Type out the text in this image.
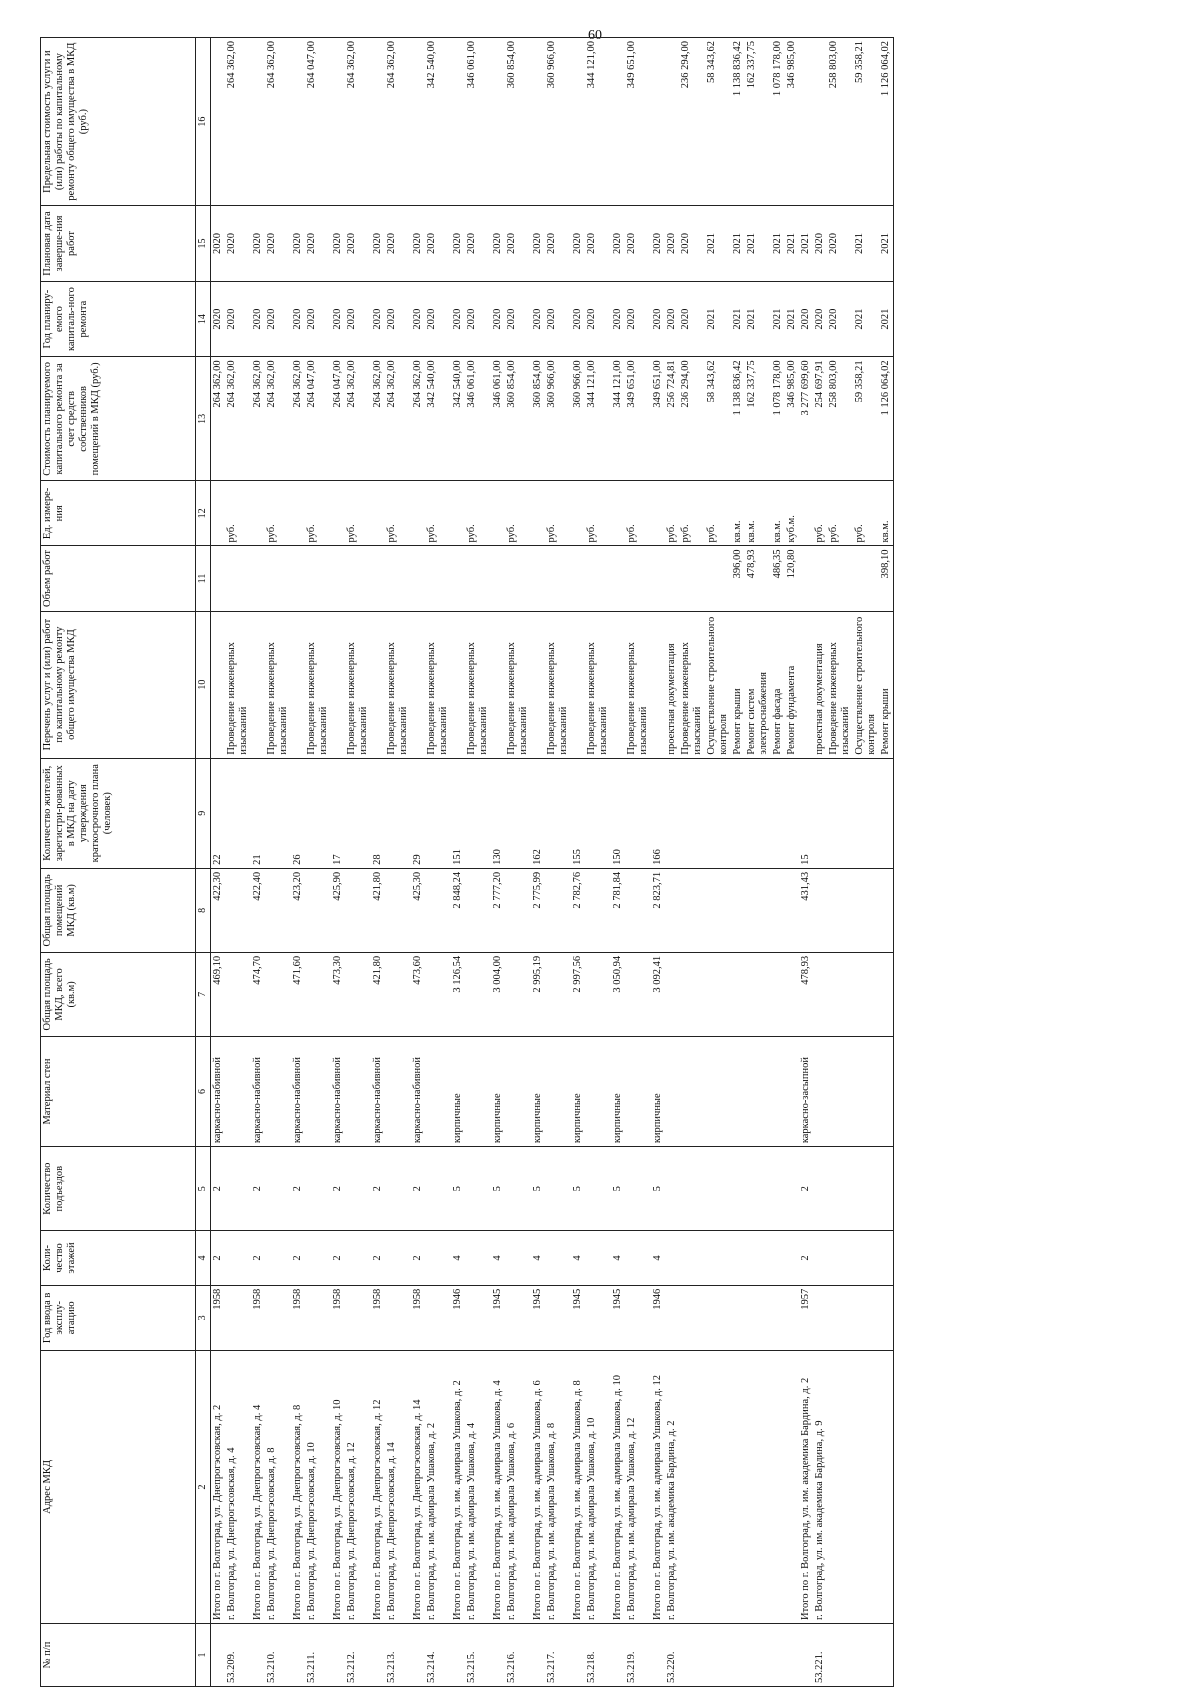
60
№ п/п	Адрес МКД	Год ввода в эксплу-атацию	Коли-чество этажей	Количество подъездов	Материал стен	Общая площадь МКД, всего (кв.м)	Общая площадь помещений МКД (кв.м)	Количество жителей, зарегистри-рованных в МКД на дату утверждения краткосрочного плана (человек)	Перечень услуг и (или) работ по капитальному ремонту общего имущества МКД	Объем работ	Ед. измере-ния	Стоимость планируемого капитального ремонта за счет средств собственников помещений в МКД (руб.)	Год планиру-емого капиталь-ного ремонта	Плановая дата заверше-ния работ	Предельная стоимость услуги и (или) работы по капитальному ремонту общего имущества в МКД (руб.)
1	2	3	4	5	6	7	8	9	10	11	12	13	14	15	16
	Итого по г. Волгоград, ул. Днепрогэсовская, д. 2	1958	2	2	каркасно-набивной	469,10	422,30	22				264 362,00	2020	2020	
53.209.	г. Волгоград, ул. Днепрогэсовская, д. 4								Проведение инженерных изысканий		руб.	264 362,00	2020	2020	264 362,00
	Итого по г. Волгоград, ул. Днепрогэсовская, д. 4	1958	2	2	каркасно-набивной	474,70	422,40	21				264 362,00	2020	2020	
53.210.	г. Волгоград, ул. Днепрогэсовская, д. 8								Проведение инженерных изысканий		руб.	264 362,00	2020	2020	264 362,00
	Итого по г. Волгоград, ул. Днепрогэсовская, д. 8	1958	2	2	каркасно-набивной	471,60	423,20	26				264 362,00	2020	2020	
53.211.	г. Волгоград, ул. Днепрогэсовская, д. 10								Проведение инженерных изысканий		руб.	264 047,00	2020	2020	264 047,00
	Итого по г. Волгоград, ул. Днепрогэсовская, д. 10	1958	2	2	каркасно-набивной	473,30	425,90	17				264 047,00	2020	2020	
53.212.	г. Волгоград, ул. Днепрогэсовская, д. 12								Проведение инженерных изысканий		руб.	264 362,00	2020	2020	264 362,00
	Итого по г. Волгоград, ул. Днепрогэсовская, д. 12	1958	2	2	каркасно-набивной	421,80	421,80	28				264 362,00	2020	2020	
53.213.	г. Волгоград, ул. Днепрогэсовская, д. 14								Проведение инженерных изысканий		руб.	264 362,00	2020	2020	264 362,00
	Итого по г. Волгоград, ул. Днепрогэсовская, д. 14	1958	2	2	каркасно-набивной	473,60	425,30	29				264 362,00	2020	2020	
53.214.	г. Волгоград, ул. им. адмирала Ушакова, д. 2								Проведение инженерных изысканий		руб.	342 540,00	2020	2020	342 540,00
	Итого по г. Волгоград, ул. им. адмирала Ушакова, д. 2	1946	4	5	кирпичные	3 126,54	2 848,24	151				342 540,00	2020	2020	
53.215.	г. Волгоград, ул. им. адмирала Ушакова, д. 4								Проведение инженерных изысканий		руб.	346 061,00	2020	2020	346 061,00
	Итого по г. Волгоград, ул. им. адмирала Ушакова, д. 4	1945	4	5	кирпичные	3 004,00	2 777,20	130				346 061,00	2020	2020	
53.216.	г. Волгоград, ул. им. адмирала Ушакова, д. 6								Проведение инженерных изысканий		руб.	360 854,00	2020	2020	360 854,00
	Итого по г. Волгоград, ул. им. адмирала Ушакова, д. 6	1945	4	5	кирпичные	2 995,19	2 775,99	162				360 854,00	2020	2020	
53.217.	г. Волгоград, ул. им. адмирала Ушакова, д. 8								Проведение инженерных изысканий		руб.	360 966,00	2020	2020	360 966,00
	Итого по г. Волгоград, ул. им. адмирала Ушакова, д. 8	1945	4	5	кирпичные	2 997,56	2 782,76	155				360 966,00	2020	2020	
53.218.	г. Волгоград, ул. им. адмирала Ушакова, д. 10								Проведение инженерных изысканий		руб.	344 121,00	2020	2020	344 121,00
	Итого по г. Волгоград, ул. им. адмирала Ушакова, д. 10	1945	4	5	кирпичные	3 050,94	2 781,84	150				344 121,00	2020	2020	
53.219.	г. Волгоград, ул. им. адмирала Ушакова, д. 12								Проведение инженерных изысканий		руб.	349 651,00	2020	2020	349 651,00
	Итого по г. Волгоград, ул. им. адмирала Ушакова, д. 12	1946	4	5	кирпичные	3 092,41	2 823,71	166				349 651,00	2020	2020	
53.220.	г. Волгоград, ул. им. академика Бардина, д. 2								проектная документация		руб.	256 724,81	2020	2020	
									Проведение инженерных изысканий		руб.	236 294,00	2020	2020	236 294,00
									Осуществление строительного контроля		руб.	58 343,62	2021	2021	58 343,62
									Ремонт крыши	396,00	кв.м.	1 138 836,42	2021	2021	1 138 836,42
									Ремонт систем электроснабжения	478,93	кв.м.	162 337,75	2021	2021	162 337,75
									Ремонт фасада	486,35	кв.м.	1 078 178,00	2021	2021	1 078 178,00
									Ремонт фундамента	120,80	куб.м.	346 985,00	2021	2021	346 985,00
	Итого по г. Волгоград, ул. им. академика Бардина, д. 2	1957	2	2	каркасно-засыпной	478,93	431,43	15				3 277 699,60	2020	2021	
53.221.	г. Волгоград, ул. им. академика Бардина, д. 9								проектная документация		руб.	254 697,91	2020	2020	
									Проведение инженерных изысканий		руб.	258 803,00	2020	2020	258 803,00
									Осуществление строительного контроля		руб.	59 358,21	2021	2021	59 358,21
									Ремонт крыши	398,10	кв.м.	1 126 064,02	2021	2021	1 126 064,02
